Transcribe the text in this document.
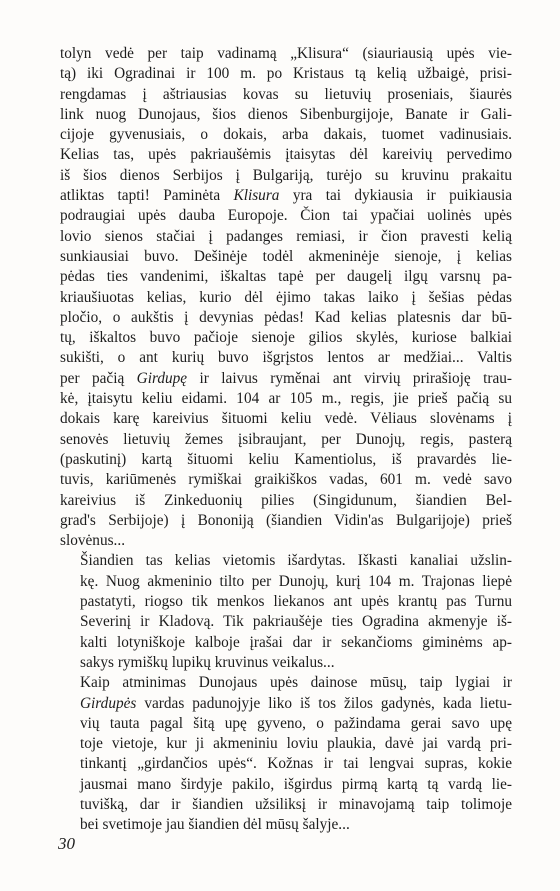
tolyn vedė per taip vadinamą „Klisura“ (siauriausią upės vie-
tą) iki Ogradinai ir 100 m. po Kristaus tą kelią užbaigė, prisi-
rengdamas į aštriausias kovas su lietuvių proseniais, šiaurės
link nuog Dunojaus, šios dienos Sibenburgijoje, Banate ir Gali-
cijoje gyvenusiais, o dokais, arba dakais, tuomet vadinusiais.
Kelias tas, upės pakriaušėmis įtaisytas dėl kareivių pervedimo
iš šios dienos Serbijos į Bulgariją, turėjo su kruvinu prakaitu
atliktas tapti! Paminėta Klisura yra tai dykiausia ir puikiausia
podraugiai upės dauba Europoje. Čion tai ypačiai uolinės upės
lovio sienos stačiai į padanges remiasi, ir čion pravesti kelią
sunkiausiai buvo. Dešinėje todėl akmeninėje sienoje, į kelias
pėdas ties vandenimi, iškaltas tapė per daugelį ilgų varsnų pa-
kriaušiuotas kelias, kurio dėl ėjimo takas laiko į šešias pėdas
pločio, o aukštis į devynias pėdas! Kad kelias platesnis dar bū-
tų, iškaltos buvo pačioje sienoje gilios skylės, kuriose balkiai
sukišti, o ant kurių buvo išgrįstos lentos ar medžiai... Valtis
per pačią Girdupę ir laivus ryměnai ant virvių prirašioję trau-
kė, įtaisytu keliu eidami. 104 ar 105 m., regis, jie prieš pačią su
dokais karę kareivius šituomi keliu vedė. Vėliaus slovėnams į
senovės lietuvių žemes įsibraujant, per Dunojų, regis, pasterą
(paskutinį) kartą šituomi keliu Kamentiolus, iš pravardės lie-
tuvis, kariūmenės rymiškai graikiškos vadas, 601 m. vedė savo
kareivius iš Zinkeduonių pilies (Singidunum, šiandien Bel-
grad's Serbijoje) į Bononiją (šiandien Vidin'as Bulgarijoje) prieš
slovėnus...

Šiandien tas kelias vietomis išardytas. Iškasti kanaliai užslin-
kę. Nuog akmeninio tilto per Dunojų, kurį 104 m. Trajonas liepė
pastatyti, riogso tik menkos liekanos ant upės krantų pas Turnu
Severinį ir Kladovą. Tik pakriaušėje ties Ogradina akmenyje iš-
kalti lotyniškoje kalboje įrašai dar ir sekančioms giminėms ap-
sakys rymiškų lupikų kruvinus veikalus...

Kaip atminimas Dunojaus upės dainose mūsų, taip lygiai ir
Girdupės vardas padunojyje liko iš tos žilos gadynės, kada lietu-
vių tauta pagal šitą upę gyveno, o pažindama gerai savo upę
toje vietoje, kur ji akmeniniu loviu plaukia, davė jai vardą pri-
tinkantį „girdančios upės“. Kožnas ir tai lengvai supras, kokie
jausmai mano širdyje pakilo, išgirdus pirmą kartą tą vardą lie-
tuvišką, dar ir šiandien užsiliksį ir minavojamą taip tolimoje
bei svetimoje jau šiandien dėl mūsų šalyje...

30
